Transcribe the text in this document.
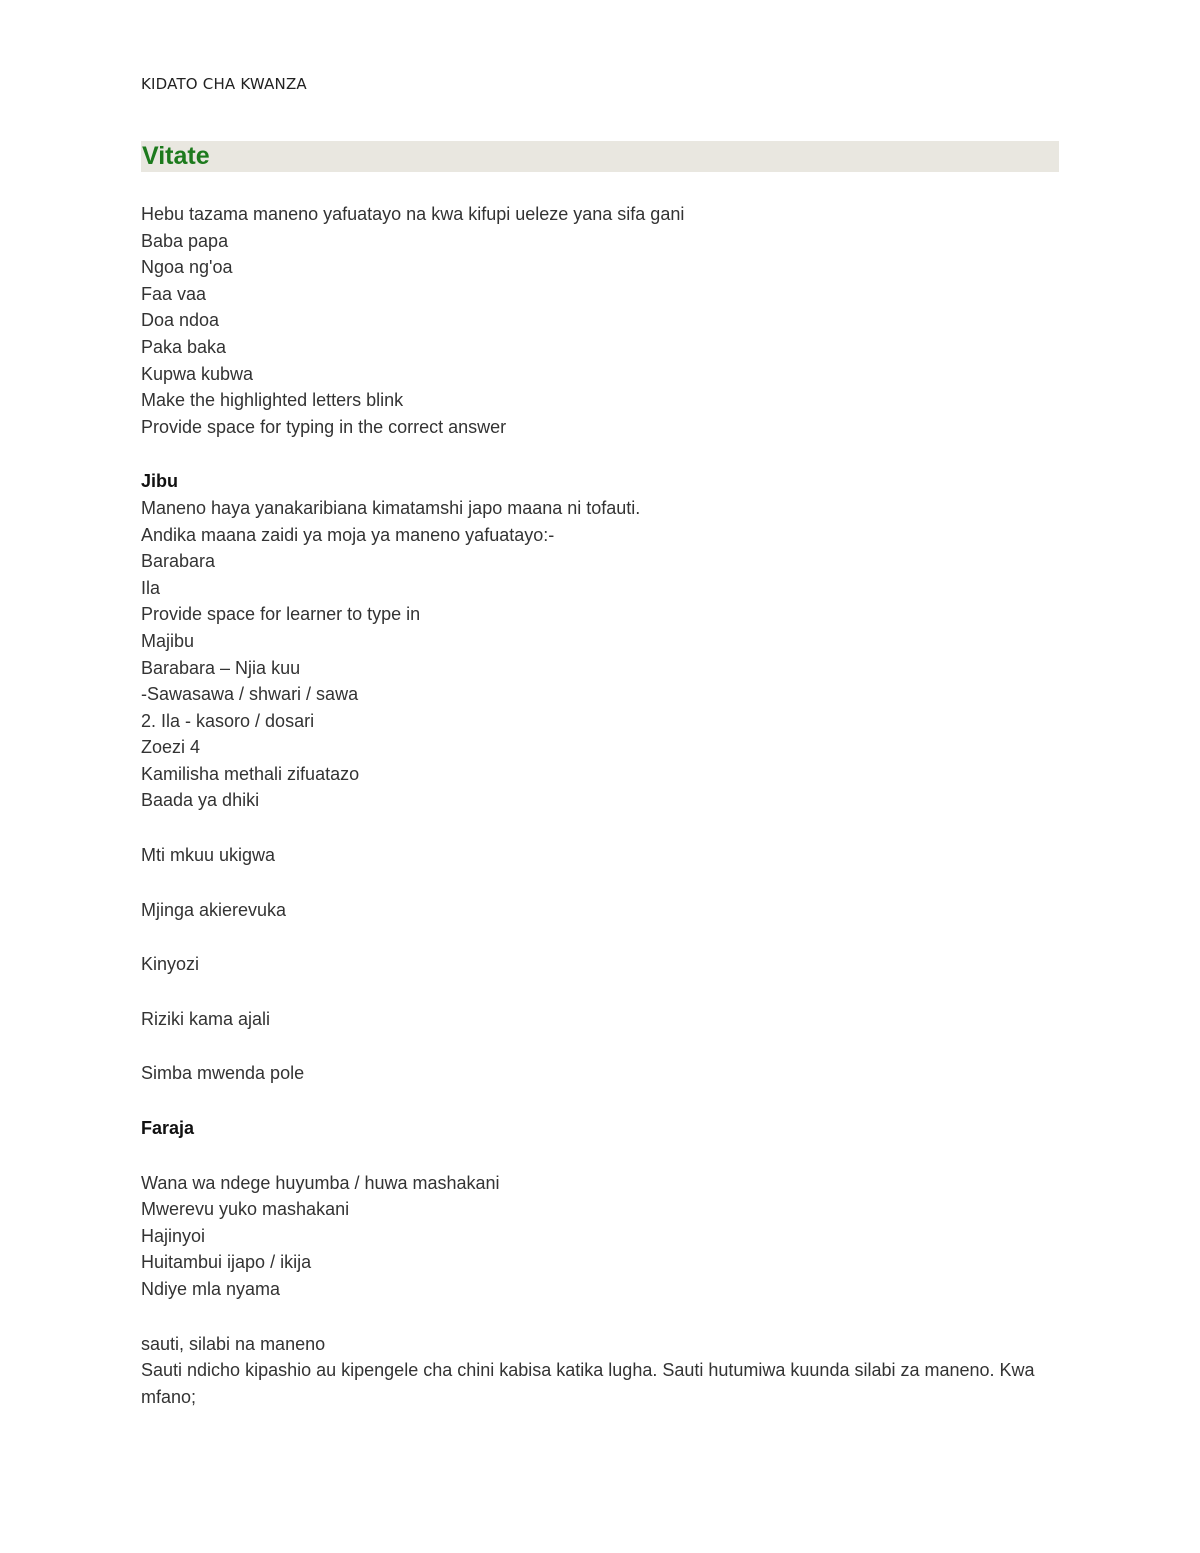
KIDATO CHA KWANZA
Vitate
Hebu tazama maneno yafuatayo na kwa kifupi ueleze yana sifa gani
Baba papa
Ngoa ng'oa
Faa vaa
Doa ndoa
Paka baka
Kupwa kubwa
Make the highlighted letters blink
Provide space for typing in the correct answer
Jibu
Maneno haya yanakaribiana kimatamshi japo maana ni tofauti.
Andika maana zaidi ya moja ya maneno yafuatayo:-
Barabara
Ila
Provide space for learner to type in
Majibu
Barabara – Njia kuu
-Sawasawa / shwari / sawa
2. Ila - kasoro / dosari
Zoezi 4
Kamilisha methali zifuatazo
Baada ya dhiki
Mti mkuu ukigwa
Mjinga akierevuka
Kinyozi
Riziki kama ajali
Simba mwenda pole
Faraja
Wana wa ndege huyumba / huwa mashakani
Mwerevu yuko mashakani
Hajinyoi
Huitambui ijapo / ikija
Ndiye mla nyama
sauti, silabi na maneno
Sauti ndicho kipashio au kipengele cha chini kabisa katika lugha. Sauti hutumiwa kuunda silabi za maneno. Kwa mfano;
